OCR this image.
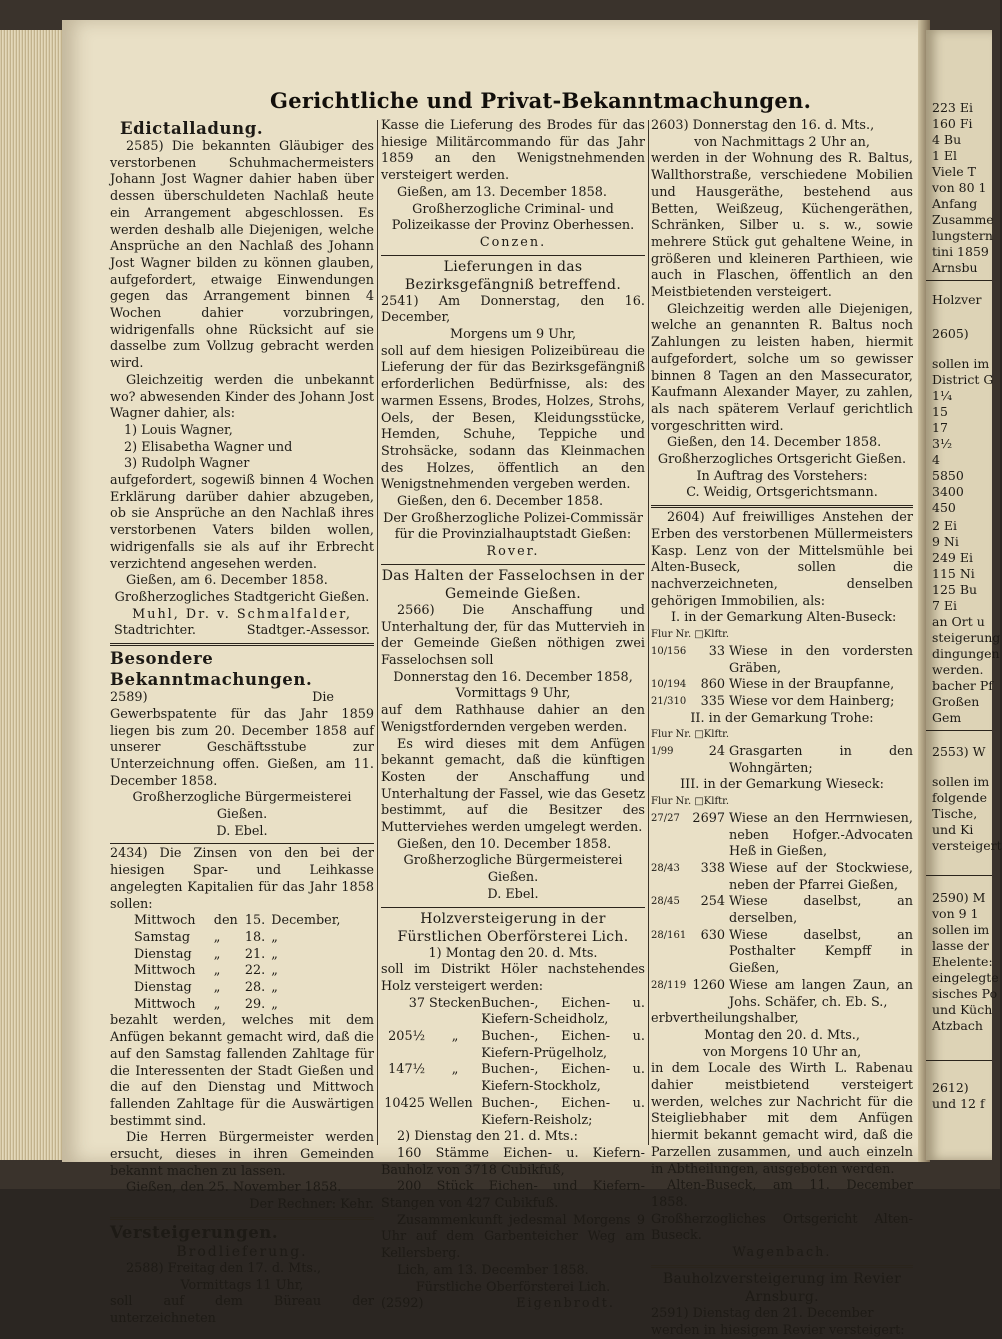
Gerichtliche und Privat-Bekanntmachungen.

Edictalladung.

2585) Die bekannten Gläubiger des verstorbenen Schuhmachermeisters Johann Jost Wagner dahier haben über dessen überschuldeten Nachlaß heute ein Arrangement abgeschlossen. Es werden deshalb alle Diejenigen, welche Ansprüche an den Nachlaß des Johann Jost Wagner bilden zu können glauben, aufgefordert, etwaige Einwendungen gegen das Arrangement binnen 4 Wochen dahier vorzubringen, widrigenfalls ohne Rücksicht auf sie dasselbe zum Vollzug gebracht werden wird.

Gleichzeitig werden die unbekannt wo? abwesenden Kinder des Johann Jost Wagner dahier, als:

1) Louis Wagner,
2) Elisabetha Wagner und
3) Rudolph Wagner

aufgefordert, sogewiß binnen 4 Wochen Erklärung darüber dahier abzugeben, ob sie Ansprüche an den Nachlaß ihres verstorbenen Vaters bilden wollen, widrigenfalls sie als auf ihr Erbrecht verzichtend angesehen werden.

Gießen, am 6. December 1858.

Großherzogliches Stadtgericht Gießen.

Muhl, Dr. v. Schmalfalder,

Stadtrichter.	Stadtger.-Assessor.

Besondere Bekanntmachungen.

2589)	Die

Gewerbspatente für das Jahr 1859 liegen bis zum 20. December 1858 auf unserer Geschäftsstube zur Unterzeichnung offen. Gießen, am 11. December 1858.

Großherzogliche Bürgermeisterei Gießen.

D. Ebel.

2434) Die Zinsen von den bei der hiesigen Spar- und Leihkasse angelegten Kapitalien für das Jahr 1858 sollen:

Mittwoch	den	15.	December,
Samstag	„	18.	„
Dienstag	„	21.	„
Mittwoch	„	22.	„
Dienstag	„	28.	„
Mittwoch	„	29.	„

bezahlt werden, welches mit dem Anfügen bekannt gemacht wird, daß die auf den Samstag fallenden Zahltage für die Interessenten der Stadt Gießen und die auf den Dienstag und Mittwoch fallenden Zahltage für die Auswärtigen bestimmt sind.

Die Herren Bürgermeister werden ersucht, dieses in ihren Gemeinden bekannt machen zu lassen.

Gießen, den 25. November 1858.

Der Rechner: Kehr.

Versteigerungen.

Brodlieferung.

2588) Freitag den 17. d. Mts.,

Vormittags 11 Uhr,

soll auf dem Büreau der unterzeichneten

Kasse die Lieferung des Brodes für das hiesige Militärcommando für das Jahr 1859 an den Wenigstnehmenden versteigert werden.

Gießen, am 13. December 1858.

Großherzogliche Criminal- und Polizeikasse der Provinz Oberhessen.

Conzen.

Lieferungen in das Bezirksgefängniß betreffend.

2541) Am Donnerstag, den 16. December,

Morgens um 9 Uhr,

soll auf dem hiesigen Polizeibüreau die Lieferung der für das Bezirksgefängniß erforderlichen Bedürfnisse, als: des warmen Essens, Brodes, Holzes, Strohs, Oels, der Besen, Kleidungsstücke, Hemden, Schuhe, Teppiche und Strohsäcke, sodann das Kleinmachen des Holzes, öffentlich an den Wenigstnehmenden vergeben werden.

Gießen, den 6. December 1858.

Der Großherzogliche Polizei-Commissär für die Provinzialhauptstadt Gießen:

Rover.

Das Halten der Fasselochsen in der Gemeinde Gießen.

2566) Die Anschaffung und Unterhaltung der, für das Muttervieh in der Gemeinde Gießen nöthigen zwei Fasselochsen soll

Donnerstag den 16. December 1858,

Vormittags 9 Uhr,

auf dem Rathhause dahier an den Wenigstfordernden vergeben werden.

Es wird dieses mit dem Anfügen bekannt gemacht, daß die künftigen Kosten der Anschaffung und Unterhaltung der Fassel, wie das Gesetz bestimmt, auf die Besitzer des Mutterviehes werden umgelegt werden.

Gießen, den 10. December 1858.

Großherzogliche Bürgermeisterei Gießen.

D. Ebel.

Holzversteigerung in der Fürstlichen Oberförsterei Lich.

1) Montag den 20. d. Mts.

soll im Distrikt Höler nachstehendes Holz versteigert werden:

37	Stecken	Buchen-, Eichen- u. Kiefern-Scheidholz,
205½	„	Buchen-, Eichen- u. Kiefern-Prügelholz,
147½	„	Buchen-, Eichen- u. Kiefern-Stockholz,
10425	Wellen	Buchen-, Eichen- u. Kiefern-Reisholz;

2) Dienstag den 21. d. Mts.:

160 Stämme Eichen- u. Kiefern-Bauholz von 3718 Cubikfuß,

200 Stück Eichen- und Kiefern-Stangen von 427 Cubikfuß.

Zusammenkunft jedesmal Morgens 9 Uhr auf dem Garbenteicher Weg am Kellersberg.

Lich, am 13. December 1858.

Fürstliche Oberförsterei Lich.

(2592)	Eigenbrodt.

2603) Donnerstag den 16. d. Mts.,

von Nachmittags 2 Uhr an,

werden in der Wohnung des R. Baltus, Wallthorstraße, verschiedene Mobilien und Hausgeräthe, bestehend aus Betten, Weißzeug, Küchengeräthen, Schränken, Silber u. s. w., sowie mehrere Stück gut gehaltene Weine, in größeren und kleineren Parthieen, wie auch in Flaschen, öffentlich an den Meistbietenden versteigert.

Gleichzeitig werden alle Diejenigen, welche an genannten R. Baltus noch Zahlungen zu leisten haben, hiermit aufgefordert, solche um so gewisser binnen 8 Tagen an den Massecurator, Kaufmann Alexander Mayer, zu zahlen, als nach späterem Verlauf gerichtlich vorgeschritten wird.

Gießen, den 14. December 1858.

Großherzogliches Ortsgericht Gießen.

In Auftrag des Vorstehers:

C. Weidig, Ortsgerichtsmann.

2604) Auf freiwilliges Anstehen der Erben des verstorbenen Müllermeisters Kasp. Lenz von der Mittelsmühle bei Alten-Buseck, sollen die nachverzeichneten, denselben gehörigen Immobilien, als:

I. in der Gemarkung Alten-Buseck:

Flur Nr. □Klftr.

10/156	33	Wiese in den vordersten Gräben,
10/194	860	Wiese in der Braupfanne,
21/310	335	Wiese vor dem Hainberg;

II. in der Gemarkung Trohe:

Flur Nr. □Klftr.

1/99	24	Grasgarten in den Wohngärten;

III. in der Gemarkung Wieseck:

Flur Nr. □Klftr.

27/27	2697	Wiese an den Herrnwiesen, neben Hofger.-Advocaten Heß in Gießen,
28/43	338	Wiese auf der Stockwiese, neben der Pfarrei Gießen,
28/45	254	Wiese daselbst, an derselben,
28/161	630	Wiese daselbst, an Posthalter Kempff in Gießen,
28/119	1260	Wiese am langen Zaun, an Johs. Schäfer, ch. Eb. S.,

erbvertheilungshalber,

Montag den 20. d. Mts.,

von Morgens 10 Uhr an,

in dem Locale des Wirth L. Rabenau dahier meistbietend versteigert werden, welches zur Nachricht für die Steigliebhaber mit dem Anfügen hiermit bekannt gemacht wird, daß die Parzellen zusammen, und auch einzeln in Abtheilungen, ausgeboten werden.

Alten-Buseck, am 11. December 1858.

Großherzogliches Ortsgericht Alten-Buseck.

Wagenbach.

Bauholzversteigerung im Revier Arnsburg.

2591) Dienstag den 21. December

werden in hiesigem Revier versteigert:

223 Ei
160 Fi
4 Bu
1 El
Viele T
von 80 1
Anfang
Zusamme
lungstern
tini 1859
Arnsbu
Holzver
2605)
sollen im
District G
1¼
15
17
3½
4
5850
3400
450
2 Ei
9 Ni
249 Ei
115 Ni
125 Bu
7 Ei
an Ort u
steigerung
dingungen
werden.
bacher Pf
Großen
Gem
2553) W
sollen im
folgende
Tische,
und Ki
versteigert
2590) M
von 9 1
sollen im
lasse der
Ehelente:
eingelegte
sisches Po
und Küch
Atzbach
2612)
und 12 f
